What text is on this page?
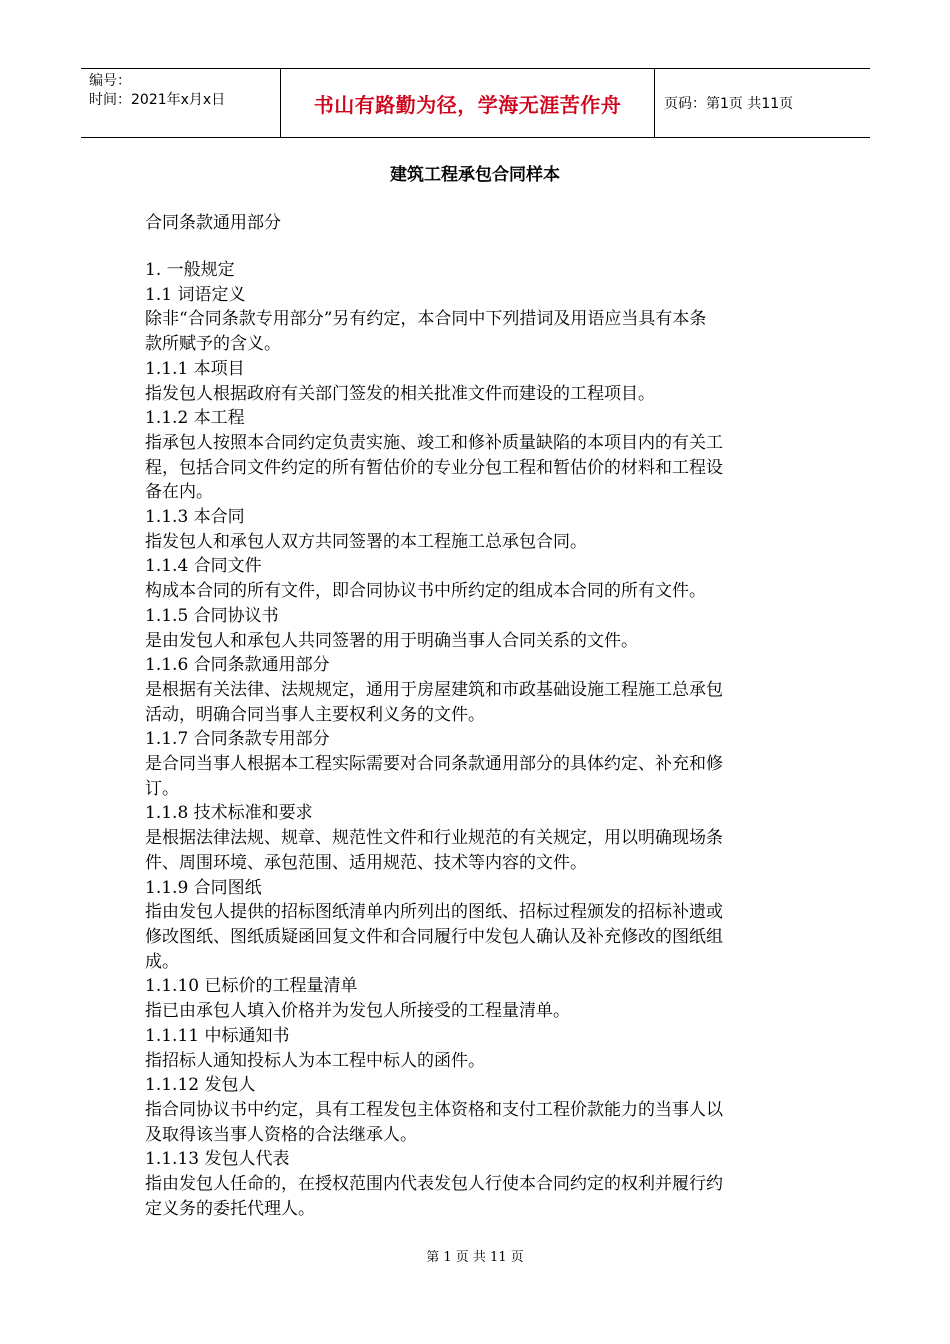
编号：
时间：2021年x月x日	书山有路勤为径，学海无涯苦作舟	页码：第1页 共11页
建筑工程承包合同样本
合同条款通用部分
1. 一般规定
1.1 词语定义
除非“合同条款专用部分”另有约定，本合同中下列措词及用语应当具有本条
款所赋予的含义。
1.1.1 本项目
指发包人根据政府有关部门签发的相关批准文件而建设的工程项目。
1.1.2 本工程
指承包人按照本合同约定负责实施、竣工和修补质量缺陷的本项目内的有关工
程，包括合同文件约定的所有暂估价的专业分包工程和暂估价的材料和工程设
备在内。
1.1.3 本合同
指发包人和承包人双方共同签署的本工程施工总承包合同。
1.1.4 合同文件
构成本合同的所有文件，即合同协议书中所约定的组成本合同的所有文件。
1.1.5 合同协议书
是由发包人和承包人共同签署的用于明确当事人合同关系的文件。
1.1.6 合同条款通用部分
是根据有关法律、法规规定，通用于房屋建筑和市政基础设施工程施工总承包
活动，明确合同当事人主要权利义务的文件。
1.1.7 合同条款专用部分
是合同当事人根据本工程实际需要对合同条款通用部分的具体约定、补充和修
订。
1.1.8 技术标准和要求
是根据法律法规、规章、规范性文件和行业规范的有关规定，用以明确现场条
件、周围环境、承包范围、适用规范、技术等内容的文件。
1.1.9 合同图纸
指由发包人提供的招标图纸清单内所列出的图纸、招标过程颁发的招标补遗或
修改图纸、图纸质疑函回复文件和合同履行中发包人确认及补充修改的图纸组
成。
1.1.10 已标价的工程量清单
指已由承包人填入价格并为发包人所接受的工程量清单。
1.1.11 中标通知书
指招标人通知投标人为本工程中标人的函件。
1.1.12 发包人
指合同协议书中约定，具有工程发包主体资格和支付工程价款能力的当事人以
及取得该当事人资格的合法继承人。
1.1.13 发包人代表
指由发包人任命的，在授权范围内代表发包人行使本合同约定的权利并履行约
定义务的委托代理人。
第 1 页 共 11 页
